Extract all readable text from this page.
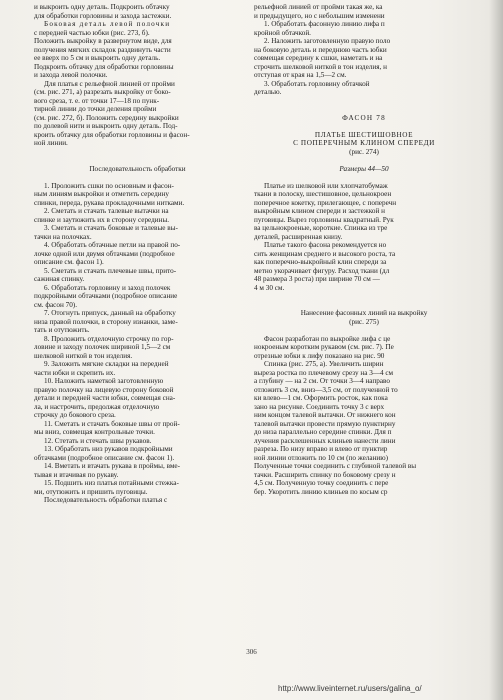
и выкроить одну деталь. Подкроить обтачку

для обработки горловины и захода застежки.

Боковая деталь левой полочки

с передней частью юбки (рис. 273, б).

Положить выкройку в развернутом виде, для

получения мягких складок раздвинуть части

ее вверх по 5 см и выкроить одну деталь.

Подкроить обтачку для обработки горловины

и захода левой полочки.

Для платья с рельефной линией от пройми

(см. рис. 271, а) разрезать выкройку от боко-

вого среза, т. е. от точки 17—18 по пунк-

тирной линии до точки деления пройми

(см. рис. 272, б). Положить середину выкройки

по долевой нити и выкроить одну деталь. Под-

кроить обтачку для обработки горловины и фасон-

ной линии.

Последовательность обработки

1. Проложить сшки по основным и фасон-

ным линиям выкройки и отметить середину

спинки, переда, рукава прокладочными нитками.

2. Сметать и стачать талевые вытачки на

спинке и заутюжить их в сторону середины.

3. Сметать и стачать боковые и талевые вы-

тачки на полочках.

4. Обработать обтачные петли на правой по-

лочке одной или двумя обтачками (подробное

описание см. фасон 1).

5. Сметать и стачать плечевые швы, прито-

сажиная спинку.

6. Обработать горловину и заход полочек

подкройными обтачками (подробное описание

см. фасон 70).

7. Отогнуть припуск, данный на обработку

низа правой полочки, в сторону изнанки, заме-

тать и отутюжить.

8. Проложить отделочную строчку по гор-

ловине и заходу полочек шириной 1,5—2 см

шелковой ниткой в тон изделия.

9. Заложить мягкие складки на передней

части юбки и скрепить их.

10. Наложить наметкой заготовленную

правую полочку на лицевую сторону боковой

детали и передней части юбки, совмещая сна-

ла, и настрочить, предолжая отделочную

строчку до бокового среза.

11. Сметать и стачать боковые швы от прой-

мы вниз, совмещая контрольные точки.

12. Стетать и стечать швы рукавов.

13. Обработать низ рукавов подкройными

обтачками (подробное описание см. фасон 1).

14. Вметать и втачать рукава в проймы, вме-

тывая и втачивая по рукаву.

15. Подшить низ платья потайными стежка-

ми, отутюжить и пришить пуговицы.

Последовательность обработки платья с

рельефной линией от пройми такая же, ка

и предыдущего, но с небольшим изменени

1. Обработать фасонную линию лифа п

кройной обтачкой.

2. Наложить заготовленную правую поло

на боковую деталь и переднюю часть юбки

совмещая середину к сшки, наметать и на

строчить шелковой ниткой в тон изделия, н

отступая от края на 1,5—2 см.

3. Обработать горловину обтачкой

деталью.

ФАСОН 78

ПЛАТЬЕ ШЕСТИШОВНОЕ

С ПОПЕРЕЧНЫМ КЛИНОМ СПЕРЕДИ

(рис. 274)

Размеры 44—50

Платье из шелковой или хлопчатобумаж

ткани в полоску, шестишовное, цельнокроен

поперечное кокетку, прилегающее, с поперечн

выкройным клином спереди и застежкой н

пуговицы. Вырез горловины квадратный. Рук

ва цельнокроеные, короткие. Спинка из тре

деталей, расширенная книзу.

Платье такого фасона рекомендуется но

сить женщинам среднего и высокого роста, та

как поперечно-выкройный клин спереди за

метно укорачивает фигуру. Расход ткани (дл

48 размера 3 роста) при ширине 70 см —

4 м 30 см.

Нанесение фасонных линий на выкройку

(рис. 275)

Фасон разработан по выкройке лифа с це

нокроеным коротким рукавом (см. рис. 7). Пе

отрезные юбки к лифу показано на рис. 90

Спинка (рис. 275, а). Увеличить ширин

выреза ростка по плечевому срезу на 3—4 см

а глубину — на 2 см. От точки 3—4 направо

отложить 3 см, вниз—3,5 см, от полученной то

ки влево—1 см. Оформить росток, как пока

зано на рисунке. Соединить точку 3 с верх

ним концом талевой вытачки. От нижнего кон

талевой вытачки провести прямую пунктирну

до низа параллельно середине спинки. Для п

лучения расклешенных клиньев нанести лини

разреза. По низу вправо и влево от пунктир

ной линии отложить по 10 см (по желанию)

Полученные точки соединить с глубиной талевой вы

тачки. Расширить спинку по боковому срезу н

4,5 см. Полученную точку соединить с пере

бер. Укоротить линию клиньев по косым ср

306
http://www.liveinternet.ru/users/galina_o/
